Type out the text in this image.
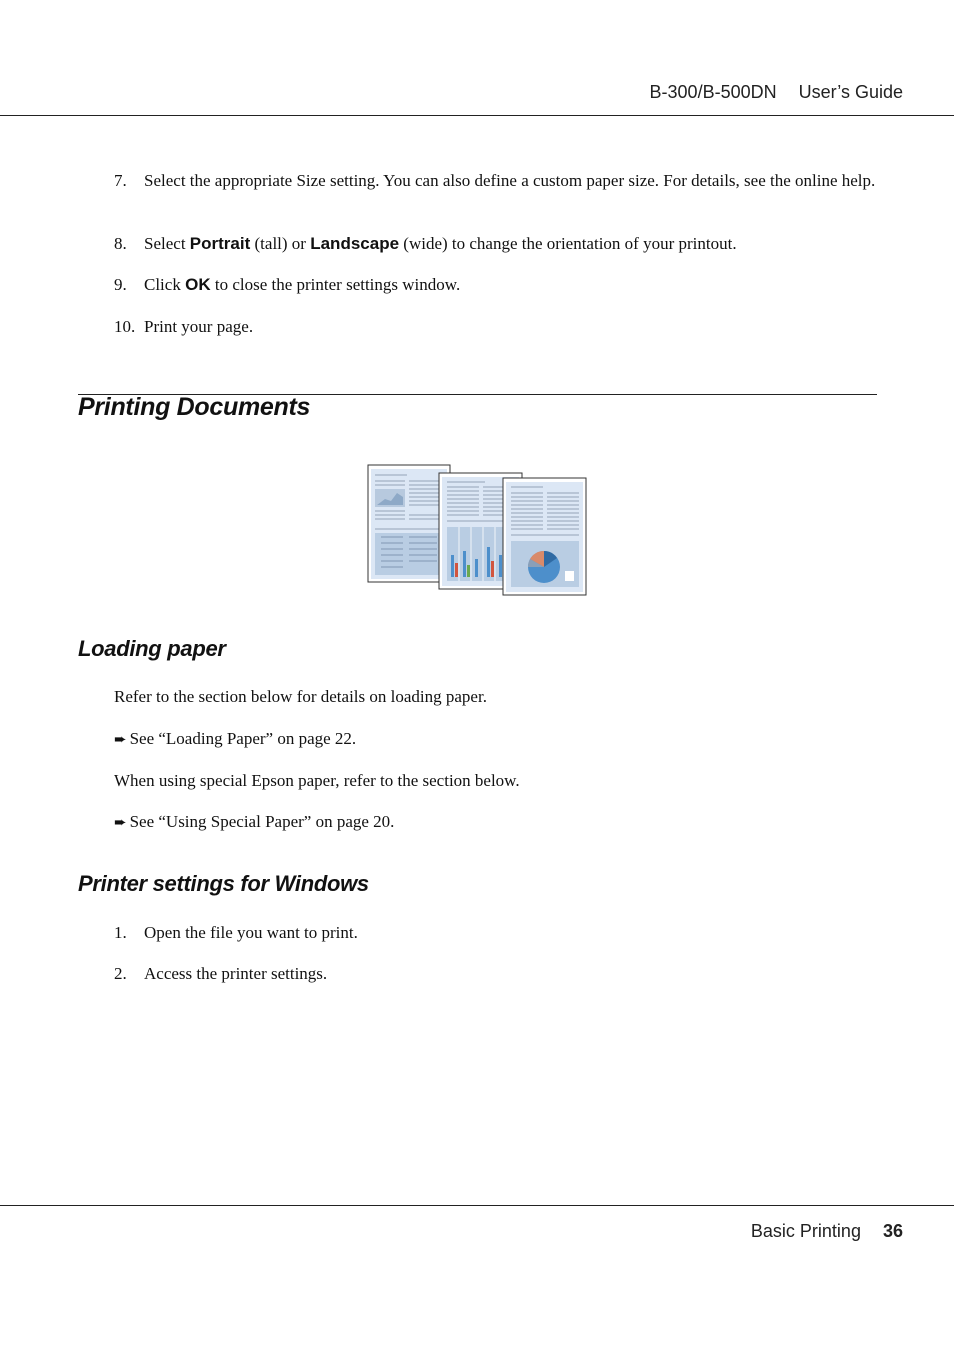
B-300/B-500DN User’s Guide
7. Select the appropriate Size setting. You can also define a custom paper size. For details, see the online help.
8. Select Portrait (tall) or Landscape (wide) to change the orientation of your printout.
9. Click OK to close the printer settings window.
10. Print your page.
Printing Documents
Loading paper
Refer to the section below for details on loading paper.
➨ See “Loading Paper” on page 22.
When using special Epson paper, refer to the section below.
➨ See “Using Special Paper” on page 20.
Printer settings for Windows
1. Open the file you want to print.
2. Access the printer settings.
Basic Printing 36
